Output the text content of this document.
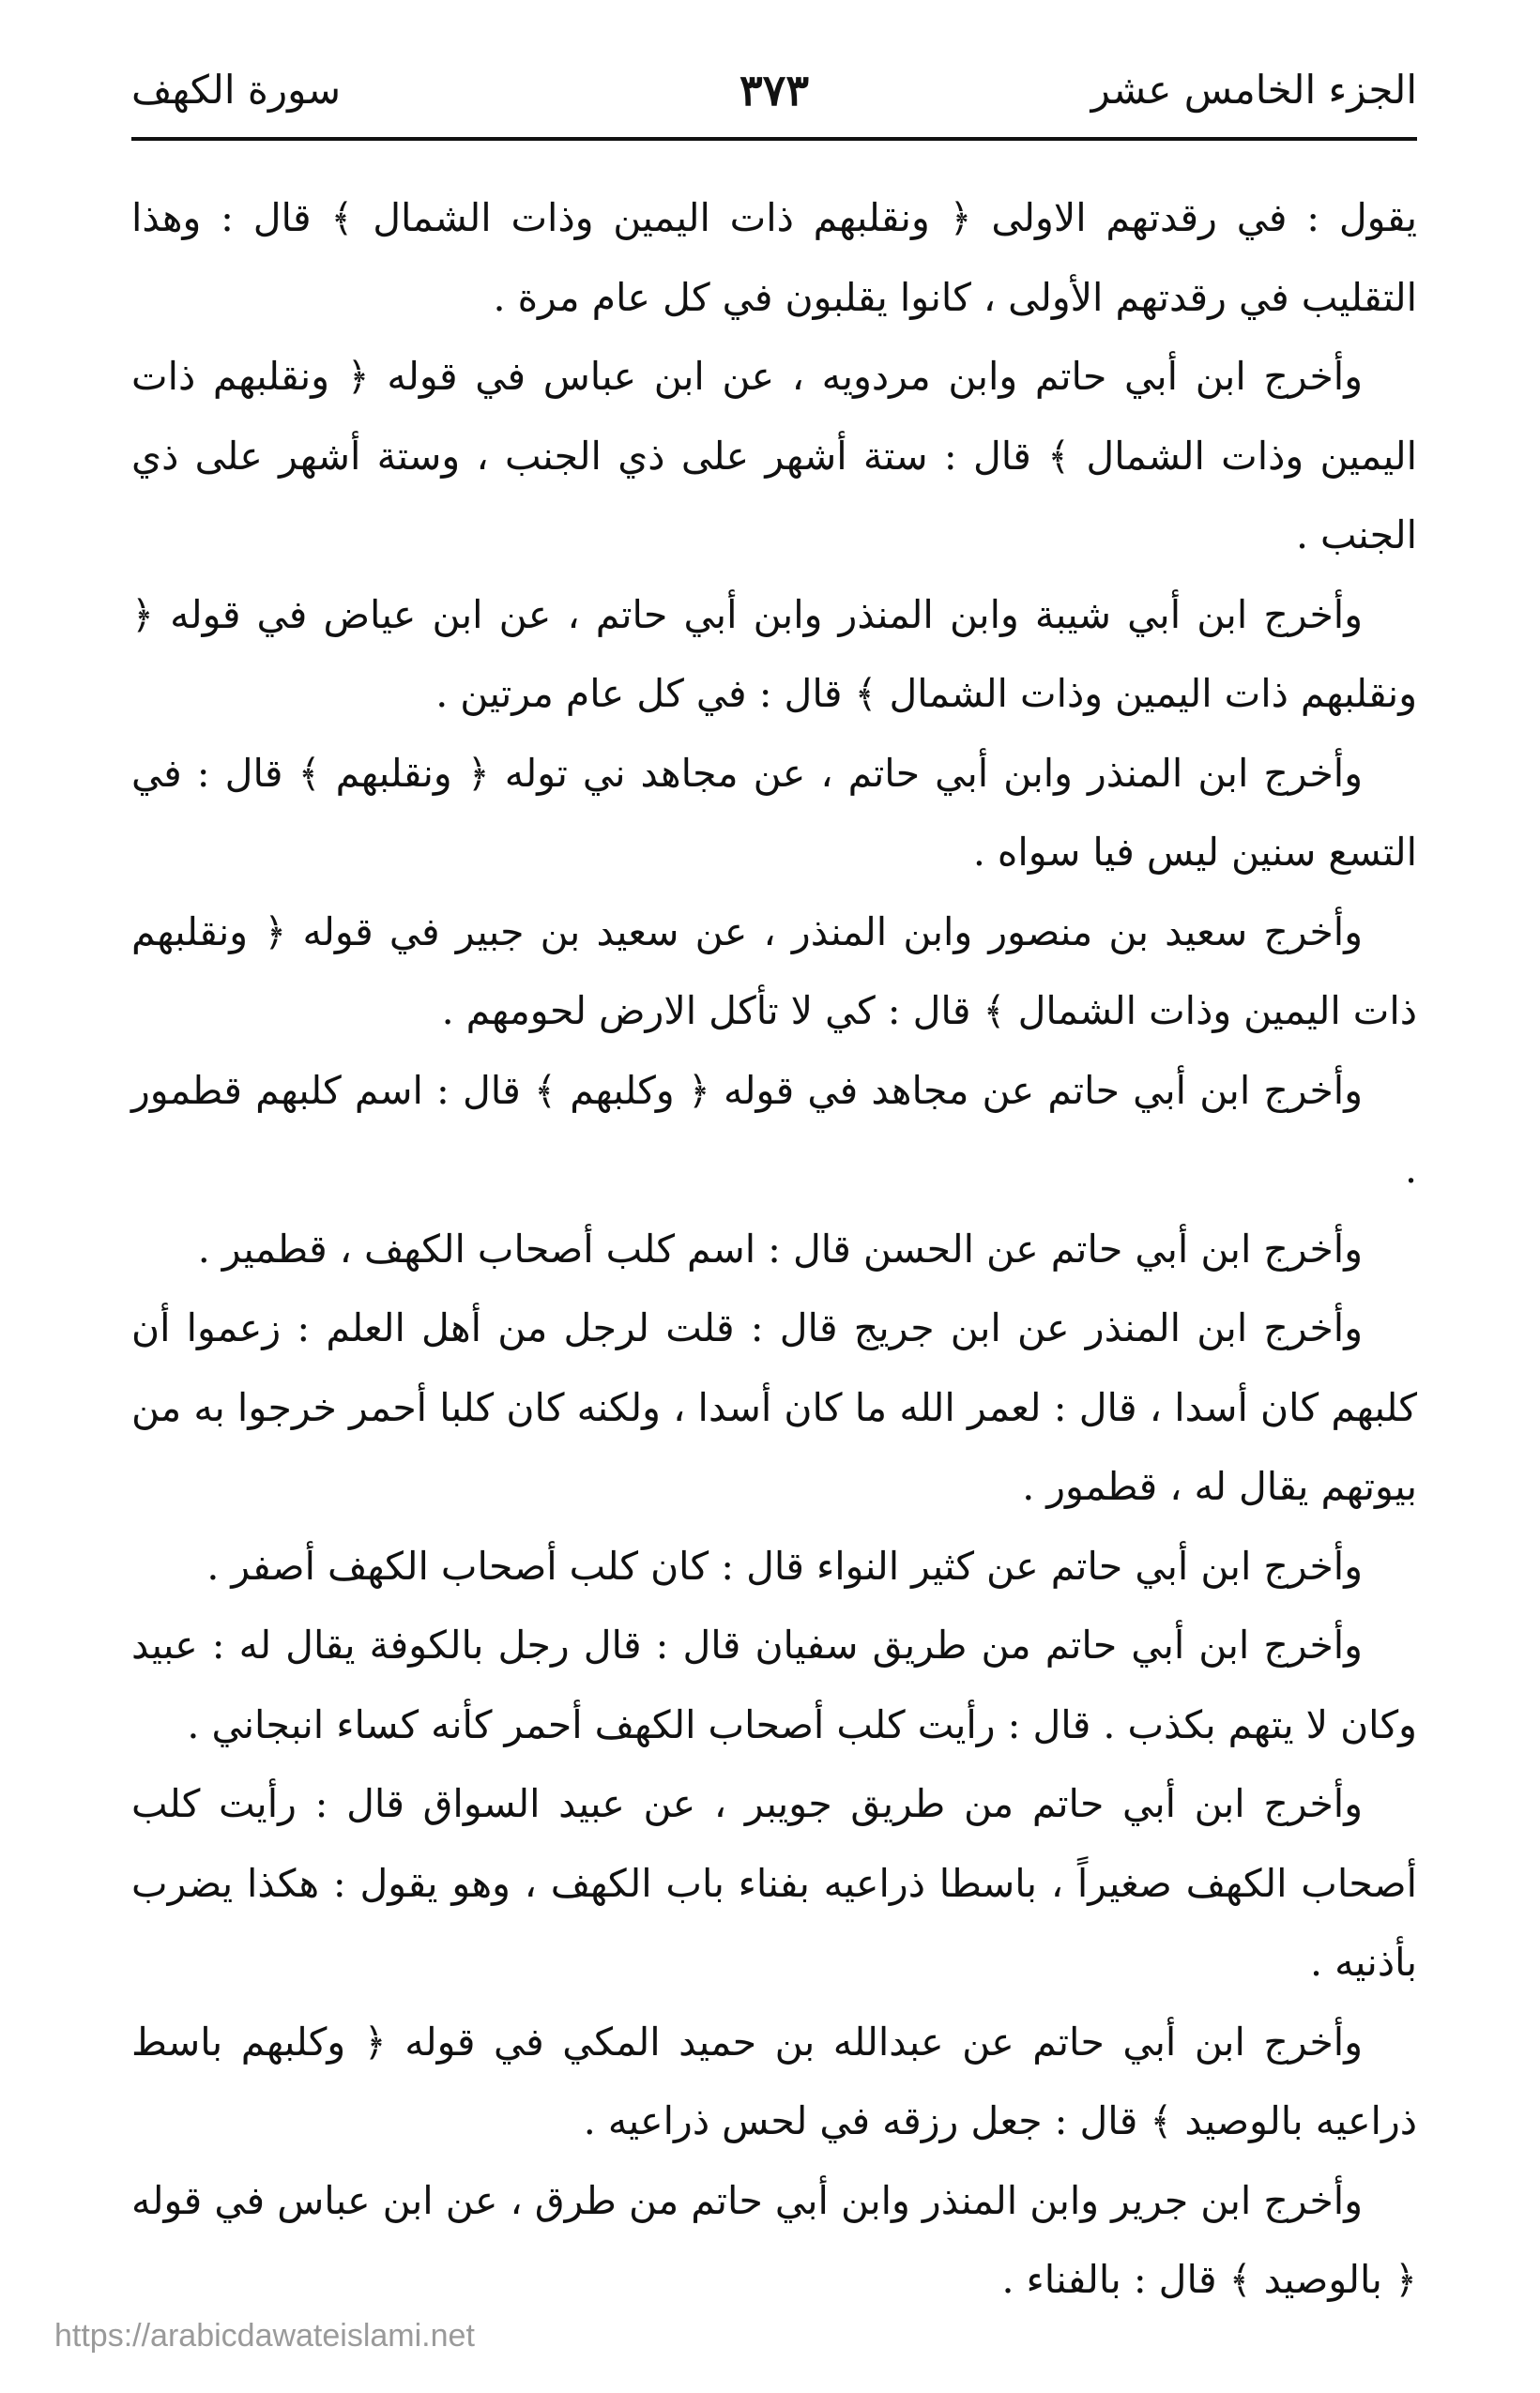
الجزء الخامس عشر
٣٧٣
سورة الكهف

يقول : في رقدتهم الاولى ﴿ ونقلبهم ذات اليمين وذات الشمال ﴾ قال : وهذا التقليب في رقدتهم الأولى ، كانوا يقلبون في كل عام مرة .

وأخرج ابن أبي حاتم وابن مردويه ، عن ابن عباس في قوله ﴿ ونقلبهم ذات اليمين وذات الشمال ﴾ قال : ستة أشهر على ذي الجنب ، وستة أشهر على ذي الجنب .

وأخرج ابن أبي شيبة وابن المنذر وابن أبي حاتم ، عن ابن عياض في قوله ﴿ ونقلبهم ذات اليمين وذات الشمال ﴾ قال : في كل عام مرتين .

وأخرج ابن المنذر وابن أبي حاتم ، عن مجاهد ني توله ﴿ ونقلبهم ﴾ قال : في التسع سنين ليس فيا سواه .

وأخرج سعيد بن منصور وابن المنذر ، عن سعيد بن جبير في قوله ﴿ ونقلبهم ذات اليمين وذات الشمال ﴾ قال : كي لا تأكل الارض لحومهم .

وأخرج ابن أبي حاتم عن مجاهد في قوله ﴿ وكلبهم ﴾ قال : اسم كلبهم قطمور .

وأخرج ابن أبي حاتم عن الحسن قال : اسم كلب أصحاب الكهف ، قطمير .

وأخرج ابن المنذر عن ابن جريج قال : قلت لرجل من أهل العلم : زعموا أن كلبهم كان أسدا ، قال : لعمر الله ما كان أسدا ، ولكنه كان كلبا أحمر خرجوا به من بيوتهم يقال له ، قطمور .

وأخرج ابن أبي حاتم عن كثير النواء قال : كان كلب أصحاب الكهف أصفر .

وأخرج ابن أبي حاتم من طريق سفيان قال : قال رجل بالكوفة يقال له : عبيد وكان لا يتهم بكذب . قال : رأيت كلب أصحاب الكهف أحمر كأنه كساء انبجاني .

وأخرج ابن أبي حاتم من طريق جويبر ، عن عبيد السواق قال : رأيت كلب أصحاب الكهف صغيراً ، باسطا ذراعيه بفناء باب الكهف ، وهو يقول : هكذا يضرب بأذنيه .

وأخرج ابن أبي حاتم عن عبدالله بن حميد المكي في قوله ﴿ وكلبهم باسط ذراعيه بالوصيد ﴾ قال : جعل رزقه في لحس ذراعيه .

وأخرج ابن جرير وابن المنذر وابن أبي حاتم من طرق ، عن ابن عباس في قوله ﴿ بالوصيد ﴾ قال : بالفناء .

https://arabicdawateislami.net
